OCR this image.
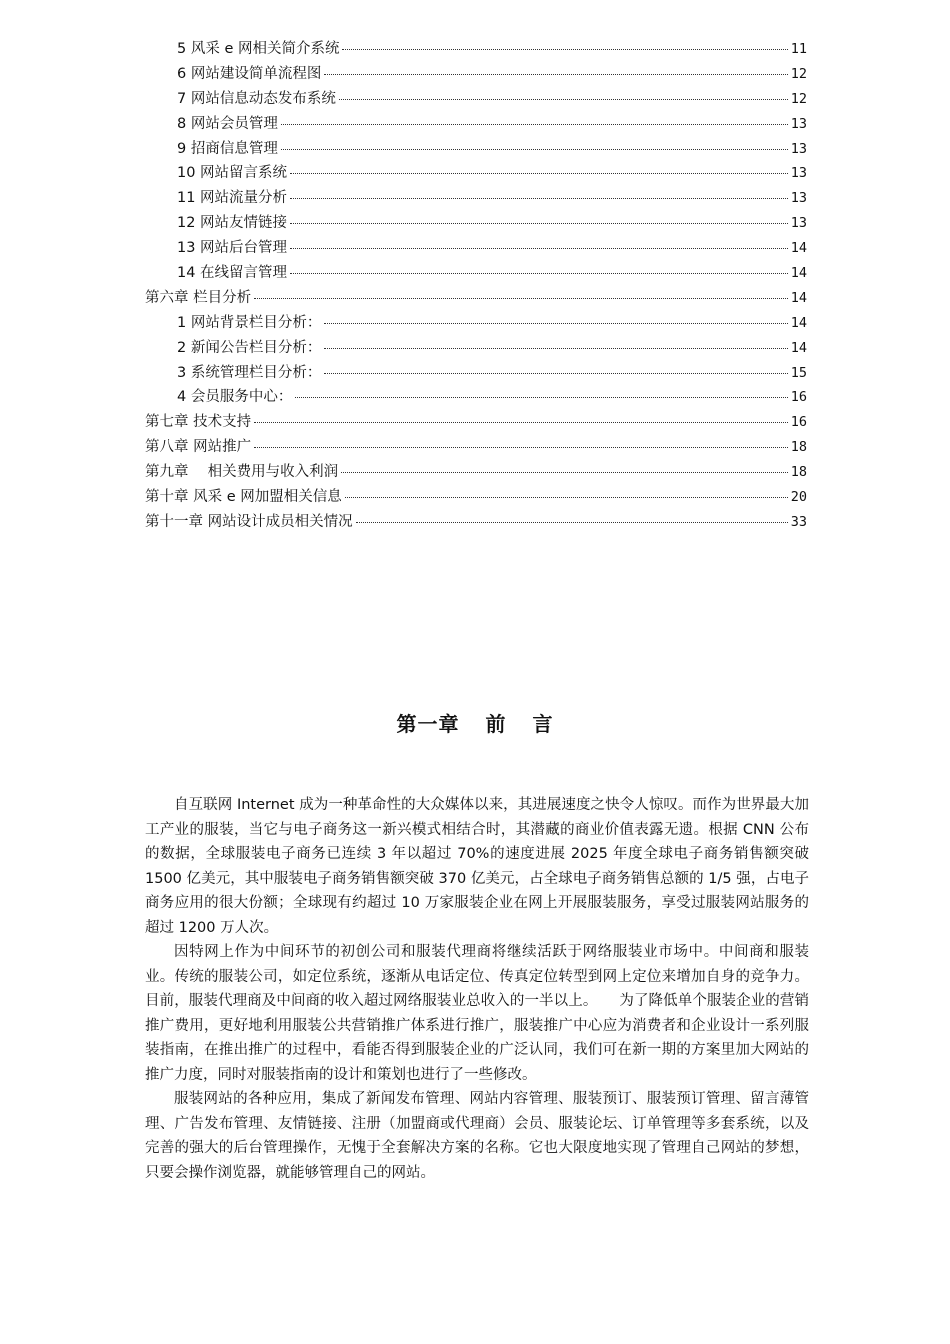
5 风采 e 网相关简介系统	11
6 网站建设简单流程图	12
7 网站信息动态发布系统	12
8 网站会员管理	13
9 招商信息管理	13
10 网站留言系统	13
11 网站流量分析	13
12 网站友情链接	13
13 网站后台管理	14
14 在线留言管理	14
第六章 栏目分析	14
1 网站背景栏目分析：	14
2 新闻公告栏目分析：	14
3 系统管理栏目分析：	15
4 会员服务中心：	16
第七章 技术支持	16
第八章 网站推广	18
第九章 　相关费用与收入利润	18
第十章 风采 e 网加盟相关信息	20
第十一章 网站设计成员相关情况	33
第一章 前 言

自互联网 Internet 成为一种革命性的大众媒体以来，其进展速度之快令人惊叹。而作为世界最大加工产业的服装，当它与电子商务这一新兴模式相结合时，其潜藏的商业价值表露无遗。根据 CNN 公布的数据，全球服装电子商务已连续 3 年以超过 70%的速度进展 2025 年度全球电子商务销售额突破 1500 亿美元，其中服装电子商务销售额突破 370 亿美元，占全球电子商务销售总额的 1/5 强，占电子商务应用的很大份额；全球现有约超过 10 万家服装企业在网上开展服装服务，享受过服装网站服务的超过 1200 万人次。

因特网上作为中间环节的初创公司和服装代理商将继续活跃于网络服装业市场中。中间商和服装业。传统的服装公司，如定位系统，逐渐从电话定位、传真定位转型到网上定位来增加自身的竞争力。目前，服装代理商及中间商的收入超过网络服装业总收入的一半以上。　　为了降低单个服装企业的营销推广费用，更好地利用服装公共营销推广体系进行推广，服装推广中心应为消费者和企业设计一系列服装指南，在推出推广的过程中，看能否得到服装企业的广泛认同，我们可在新一期的方案里加大网站的推广力度，同时对服装指南的设计和策划也进行了一些修改。

服装网站的各种应用，集成了新闻发布管理、网站内容管理、服装预订、服装预订管理、留言薄管理、广告发布管理、友情链接、注册（加盟商或代理商）会员、服装论坛、订单管理等多套系统，以及完善的强大的后台管理操作，无愧于全套解决方案的名称。它也大限度地实现了管理自己网站的梦想，只要会操作浏览器，就能够管理自己的网站。
